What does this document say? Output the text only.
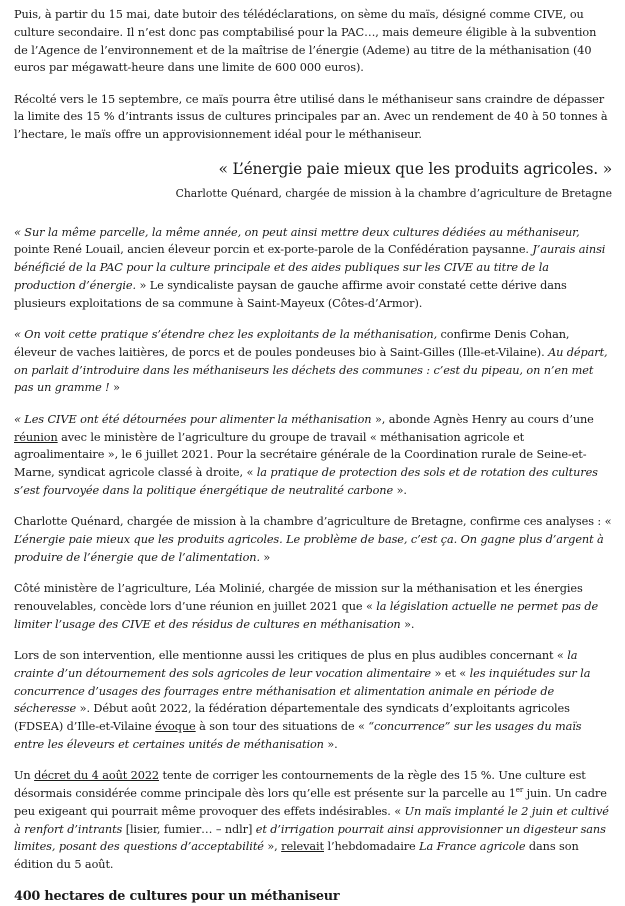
Puis, à partir du 15 mai, date butoir des télédéclarations, on sème du maïs, désigné comme CIVE, ou culture secondaire. Il n’est donc pas comptabilisé pour la PAC…, mais demeure éligible à la subvention de l’Agence de l’environnement et de la maîtrise de l’énergie (Ademe) au titre de la méthanisation (40 euros par mégawatt-heure dans une limite de 600 000 euros).

Récolté vers le 15 septembre, ce maïs pourra être utilisé dans le méthaniseur sans craindre de dépasser la limite des 15 % d’intrants issus de cultures principales par an. Avec un rendement de 40 à 50 tonnes à l’hectare, le maïs offre un approvisionnement idéal pour le méthaniseur.

« L’énergie paie mieux que les produits agricoles. »

Charlotte Quénard, chargée de mission à la chambre d’agriculture de Bretagne

« Sur la même parcelle, la même année, on peut ainsi mettre deux cultures dédiées au méthaniseur, pointe René Louail, ancien éleveur porcin et ex-porte-parole de la Confédération paysanne. J’aurais ainsi bénéficié de la PAC pour la culture principale et des aides publiques sur les CIVE au titre de la production d’énergie. » Le syndicaliste paysan de gauche affirme avoir constaté cette dérive dans plusieurs exploitations de sa commune à Saint-Mayeux (Côtes-d’Armor).

« On voit cette pratique s’étendre chez les exploitants de la méthanisation, confirme Denis Cohan, éleveur de vaches laitières, de porcs et de poules pondeuses bio à Saint-Gilles (Ille-et-Vilaine). Au départ, on parlait d’introduire dans les méthaniseurs les déchets des communes : c’est du pipeau, on n’en met pas un gramme ! »

« Les CIVE ont été détournées pour alimenter la méthanisation », abonde Agnès Henry au cours d’une réunion avec le ministère de l’agriculture du groupe de travail « méthanisation agricole et agroalimentaire », le 6 juillet 2021. Pour la secrétaire générale de la Coordination rurale de Seine-et-Marne, syndicat agricole classé à droite, « la pratique de protection des sols et de rotation des cultures s’est fourvoyée dans la politique énergétique de neutralité carbone ».

Charlotte Quénard, chargée de mission à la chambre d’agriculture de Bretagne, confirme ces analyses : « L’énergie paie mieux que les produits agricoles. Le problème de base, c’est ça. On gagne plus d’argent à produire de l’énergie que de l’alimentation. »

Côté ministère de l’agriculture, Léa Molinié, chargée de mission sur la méthanisation et les énergies renouvelables, concède lors d’une réunion en juillet 2021 que « la législation actuelle ne permet pas de limiter l’usage des CIVE et des résidus de cultures en méthanisation ».

Lors de son intervention, elle mentionne aussi les critiques de plus en plus audibles concernant « la crainte d’un détournement des sols agricoles de leur vocation alimentaire » et « les inquiétudes sur la concurrence d’usages des fourrages entre méthanisation et alimentation animale en période de sécheresse ». Début août 2022, la fédération départementale des syndicats d’exploitants agricoles (FDSEA) d’Ille-et-Vilaine évoque à son tour des situations de « “concurrence” sur les usages du maïs entre les éleveurs et certaines unités de méthanisation ».

Un décret du 4 août 2022 tente de corriger les contournements de la règle des 15 %. Une culture est désormais considérée comme principale dès lors qu’elle est présente sur la parcelle au 1er juin. Un cadre peu exigeant qui pourrait même provoquer des effets indésirables. « Un maïs implanté le 2 juin et cultivé à renfort d’intrants [lisier, fumier… – ndlr] et d’irrigation pourrait ainsi approvisionner un digesteur sans limites, posant des questions d’acceptabilité », relevait l’hebdomadaire La France agricole dans son édition du 5 août.

400 hectares de cultures pour un méthaniseur
